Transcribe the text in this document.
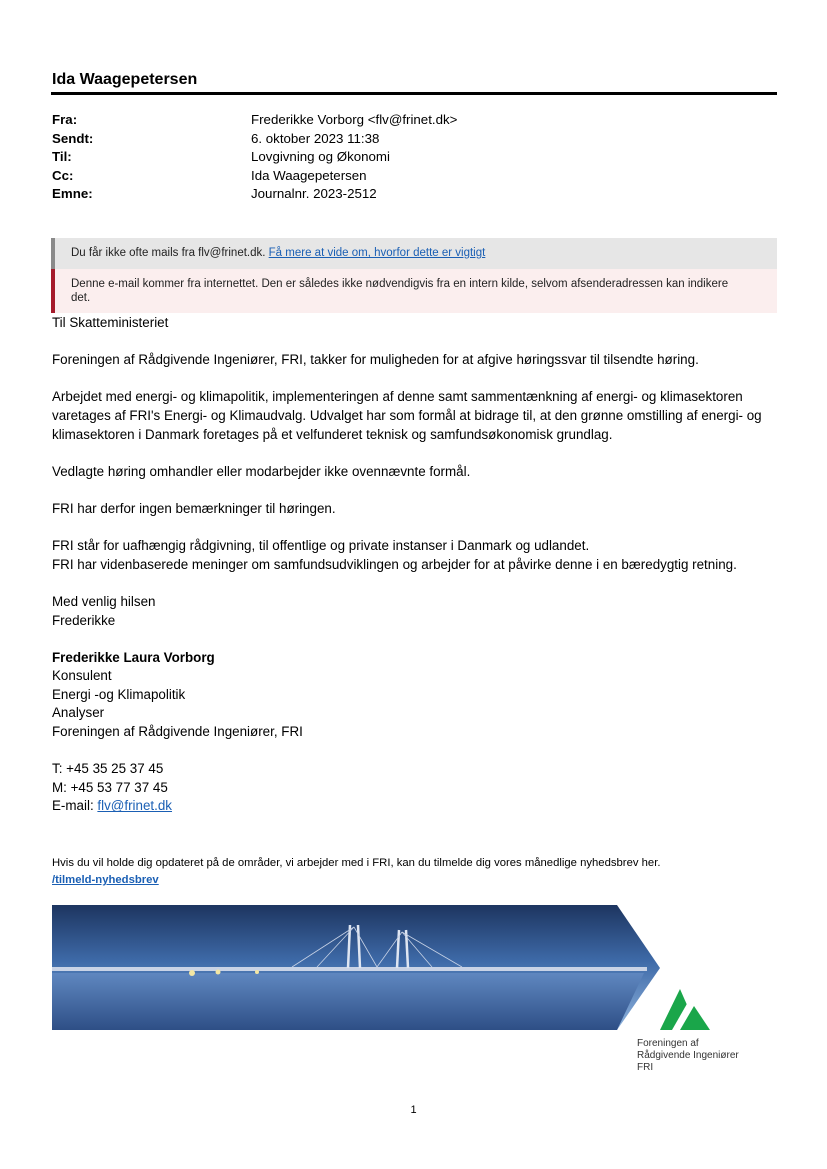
Ida Waagepetersen
Fra:	Frederikke Vorborg <flv@frinet.dk>
Sendt:	6. oktober 2023 11:38
Til:	Lovgivning og Økonomi
Cc:	Ida Waagepetersen
Emne:	Journalnr. 2023-2512
Du får ikke ofte mails fra flv@frinet.dk. Få mere at vide om, hvorfor dette er vigtigt
Denne e-mail kommer fra internettet. Den er således ikke nødvendigvis fra en intern kilde, selvom afsenderadressen kan indikere det.

Til Skatteministeriet

Foreningen af Rådgivende Ingeniører, FRI, takker for muligheden for at afgive høringssvar til tilsendte høring.

Arbejdet med energi- og klimapolitik, implementeringen af denne samt sammentænkning af energi- og klimasektoren varetages af FRI's Energi- og Klimaudvalg. Udvalget har som formål at bidrage til, at den grønne omstilling af energi- og klimasektoren i Danmark foretages på et velfunderet teknisk og samfundsøkonomisk grundlag.

Vedlagte høring omhandler eller modarbejder ikke ovennævnte formål.

FRI har derfor ingen bemærkninger til høringen.

FRI står for uafhængig rådgivning, til offentlige og private instanser i Danmark og udlandet.

FRI har videnbaserede meninger om samfundsudviklingen og arbejder for at påvirke denne i en bæredygtig retning.

Med venlig hilsen

Frederikke

Frederikke Laura Vorborg

Konsulent

Energi -og Klimapolitik

Analyser

Foreningen af Rådgivende Ingeniører, FRI

T: +45 35 25 37 45

M: +45 53 77 37 45

E-mail: flv@frinet.dk

Hvis du vil holde dig opdateret på de områder, vi arbejder med i FRI, kan du tilmelde dig vores månedlige nyhedsbrev her.
/tilmeld-nyhedsbrev
Foreningen af
Rådgivende Ingeniører
FRI
1
